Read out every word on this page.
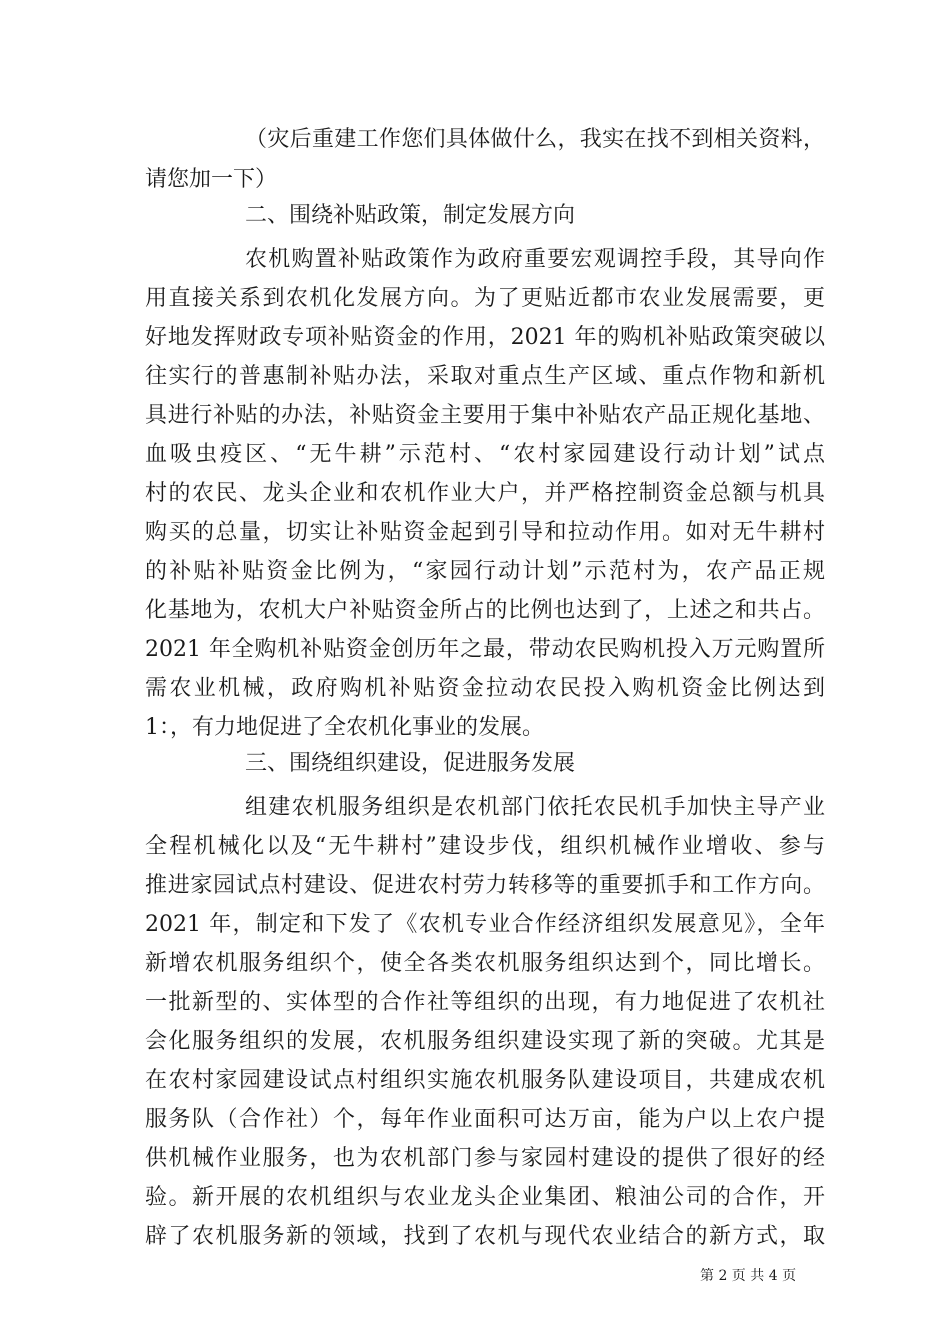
（灾后重建工作您们具体做什么，我实在找不到相关资料，
请您加一下）
二、围绕补贴政策，制定发展方向
农机购置补贴政策作为政府重要宏观调控手段，其导向作
用直接关系到农机化发展方向。为了更贴近都市农业发展需要，更
好地发挥财政专项补贴资金的作用，2021 年的购机补贴政策突破以
往实行的普惠制补贴办法，采取对重点生产区域、重点作物和新机
具进行补贴的办法，补贴资金主要用于集中补贴农产品正规化基地、
血吸虫疫区、“无牛耕”示范村、“农村家园建设行动计划”试点
村的农民、龙头企业和农机作业大户，并严格控制资金总额与机具
购买的总量，切实让补贴资金起到引导和拉动作用。如对无牛耕村
的补贴补贴资金比例为，“家园行动计划”示范村为，农产品正规
化基地为，农机大户补贴资金所占的比例也达到了，上述之和共占。
2021 年全购机补贴资金创历年之最，带动农民购机投入万元购置所
需农业机械，政府购机补贴资金拉动农民投入购机资金比例达到
1：，有力地促进了全农机化事业的发展。
三、围绕组织建设，促进服务发展
组建农机服务组织是农机部门依托农民机手加快主导产业
全程机械化以及“无牛耕村”建设步伐，组织机械作业增收、参与
推进家园试点村建设、促进农村劳力转移等的重要抓手和工作方向。
2021 年，制定和下发了《农机专业合作经济组织发展意见》，全年
新增农机服务组织个，使全各类农机服务组织达到个，同比增长。
一批新型的、实体型的合作社等组织的出现，有力地促进了农机社
会化服务组织的发展，农机服务组织建设实现了新的突破。尤其是
在农村家园建设试点村组织实施农机服务队建设项目，共建成农机
服务队（合作社）个，每年作业面积可达万亩，能为户以上农户提
供机械作业服务，也为农机部门参与家园村建设的提供了很好的经
验。新开展的农机组织与农业龙头企业集团、粮油公司的合作，开
辟了农机服务新的领域，找到了农机与现代农业结合的新方式，取
第 2 页 共 4 页
